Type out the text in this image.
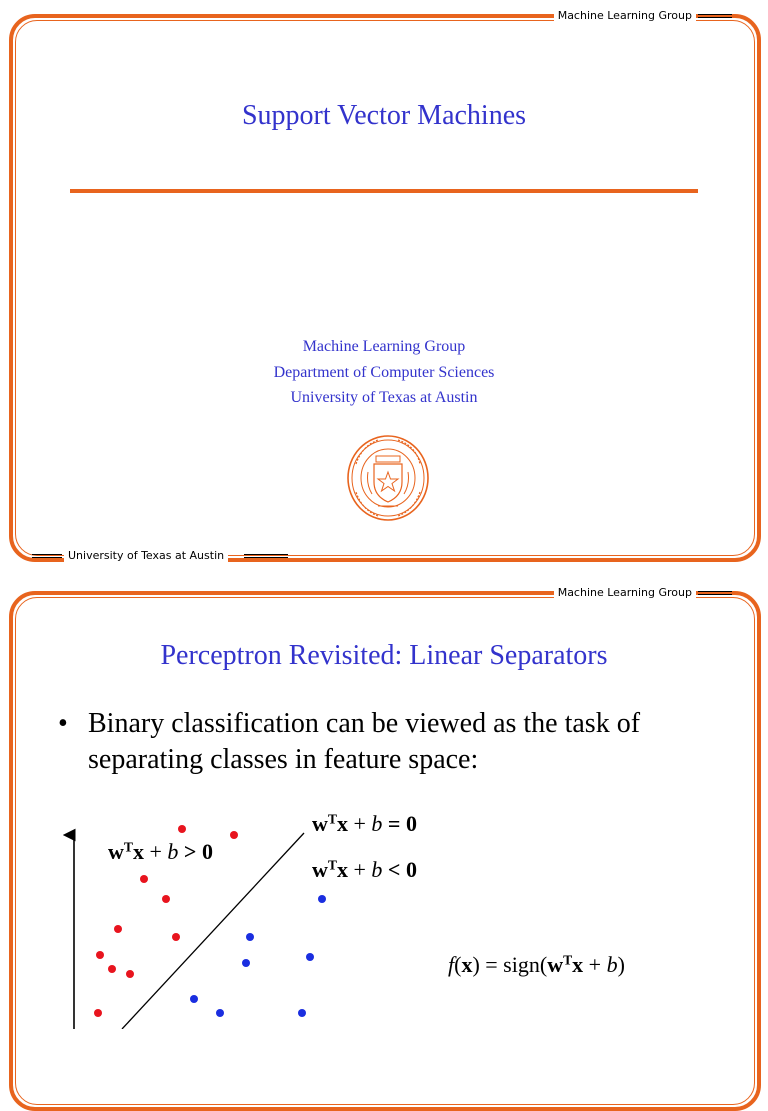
Machine Learning Group
University of Texas at Austin
Support Vector Machines
Machine Learning Group
Department of Computer Sciences
University of Texas at Austin
Machine Learning Group
Perceptron Revisited: Linear Separators
• Binary classification can be viewed as the task of separating classes in feature space:
$w^Tx + b = 0$
$w^Tx + b > 0$
$w^Tx + b < 0$
$f(x) = sign(w^Tx + b)$
